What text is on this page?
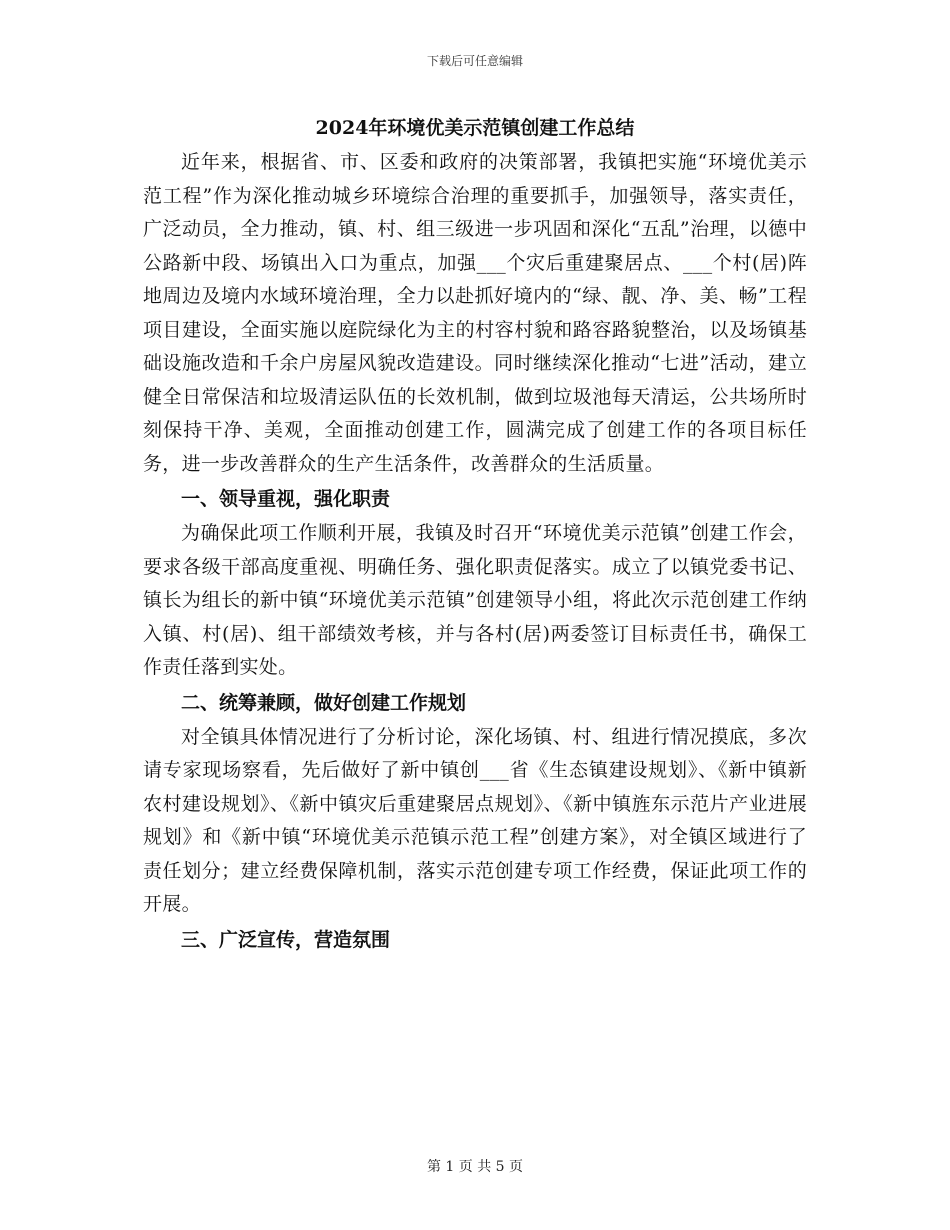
下载后可任意编辑
2024年环境优美示范镇创建工作总结

近年来，根据省、市、区委和政府的决策部署，我镇把实施“环境优美示范工程”作为深化推动城乡环境综合治理的重要抓手，加强领导，落实责任，广泛动员，全力推动，镇、村、组三级进一步巩固和深化“五乱”治理，以德中公路新中段、场镇出入口为重点，加强___个灾后重建聚居点、___个村(居)阵地周边及境内水域环境治理，全力以赴抓好境内的“绿、靓、净、美、畅”工程项目建设，全面实施以庭院绿化为主的村容村貌和路容路貌整治，以及场镇基础设施改造和千余户房屋风貌改造建设。同时继续深化推动“七进”活动，建立健全日常保洁和垃圾清运队伍的长效机制，做到垃圾池每天清运，公共场所时刻保持干净、美观，全面推动创建工作，圆满完成了创建工作的各项目标任务，进一步改善群众的生产生活条件，改善群众的生活质量。

一、领导重视，强化职责

为确保此项工作顺利开展，我镇及时召开“环境优美示范镇”创建工作会，要求各级干部高度重视、明确任务、强化职责促落实。成立了以镇党委书记、镇长为组长的新中镇“环境优美示范镇”创建领导小组，将此次示范创建工作纳入镇、村(居)、组干部绩效考核，并与各村(居)两委签订目标责任书，确保工作责任落到实处。

二、统筹兼顾，做好创建工作规划

对全镇具体情况进行了分析讨论，深化场镇、村、组进行情况摸底，多次请专家现场察看，先后做好了新中镇创___省《生态镇建设规划》、《新中镇新农村建设规划》、《新中镇灾后重建聚居点规划》、《新中镇旌东示范片产业进展规划》和《新中镇“环境优美示范镇示范工程”创建方案》，对全镇区域进行了责任划分；建立经费保障机制，落实示范创建专项工作经费，保证此项工作的开展。

三、广泛宣传，营造氛围

第 1 页 共 5 页
